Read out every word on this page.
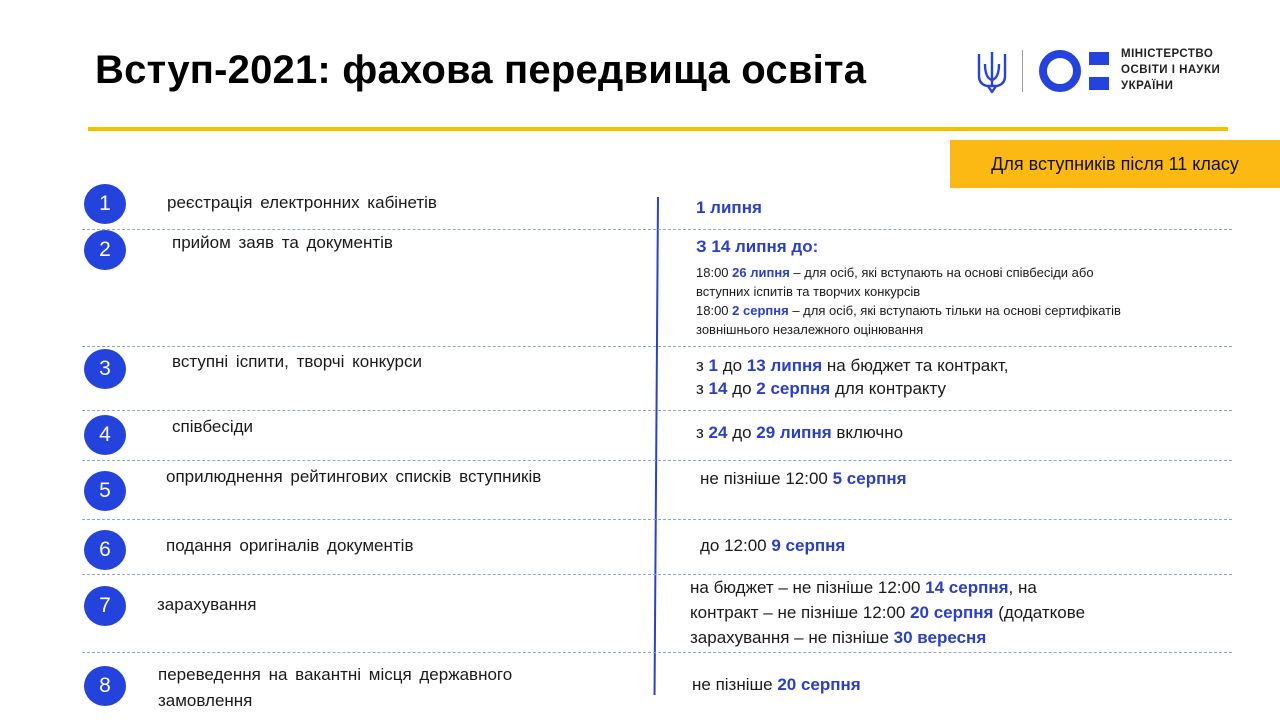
Вступ-2021: фахова передвища освіта	МІНІСТЕРСТВО
ОСВІТИ І НАУКИ
УКРАЇНИ
Для вступників після 11 класу
1
2
3
4
5
6
7
8
реєстрація електронних кабінетів
прийом заяв та документів
вступні іспити, творчі конкурси
співбесіди
оприлюднення рейтингових списків вступників
подання оригіналів документів
зарахування
переведення на вакантні місця державного замовлення
1 липня
З 14 липня до:
18:00 26 липня – для осіб, які вступають на основі співбесіди або
вступних іспитів та творчих конкурсів
18:00 2 серпня – для осіб, які вступають тільки на основі сертифікатів
зовнішнього незалежного оцінювання
з 1 до 13 липня на бюджет та контракт,
з 14 до 2 серпня для контракту
з 24 до 29 липня включно
не пізніше 12:00 5 серпня
до 12:00 9 серпня
на бюджет – не пізніше 12:00 14 серпня, на
контракт – не пізніше 12:00 20 серпня (додаткове
зарахування – не пізніше 30 вересня
не пізніше 20 серпня
